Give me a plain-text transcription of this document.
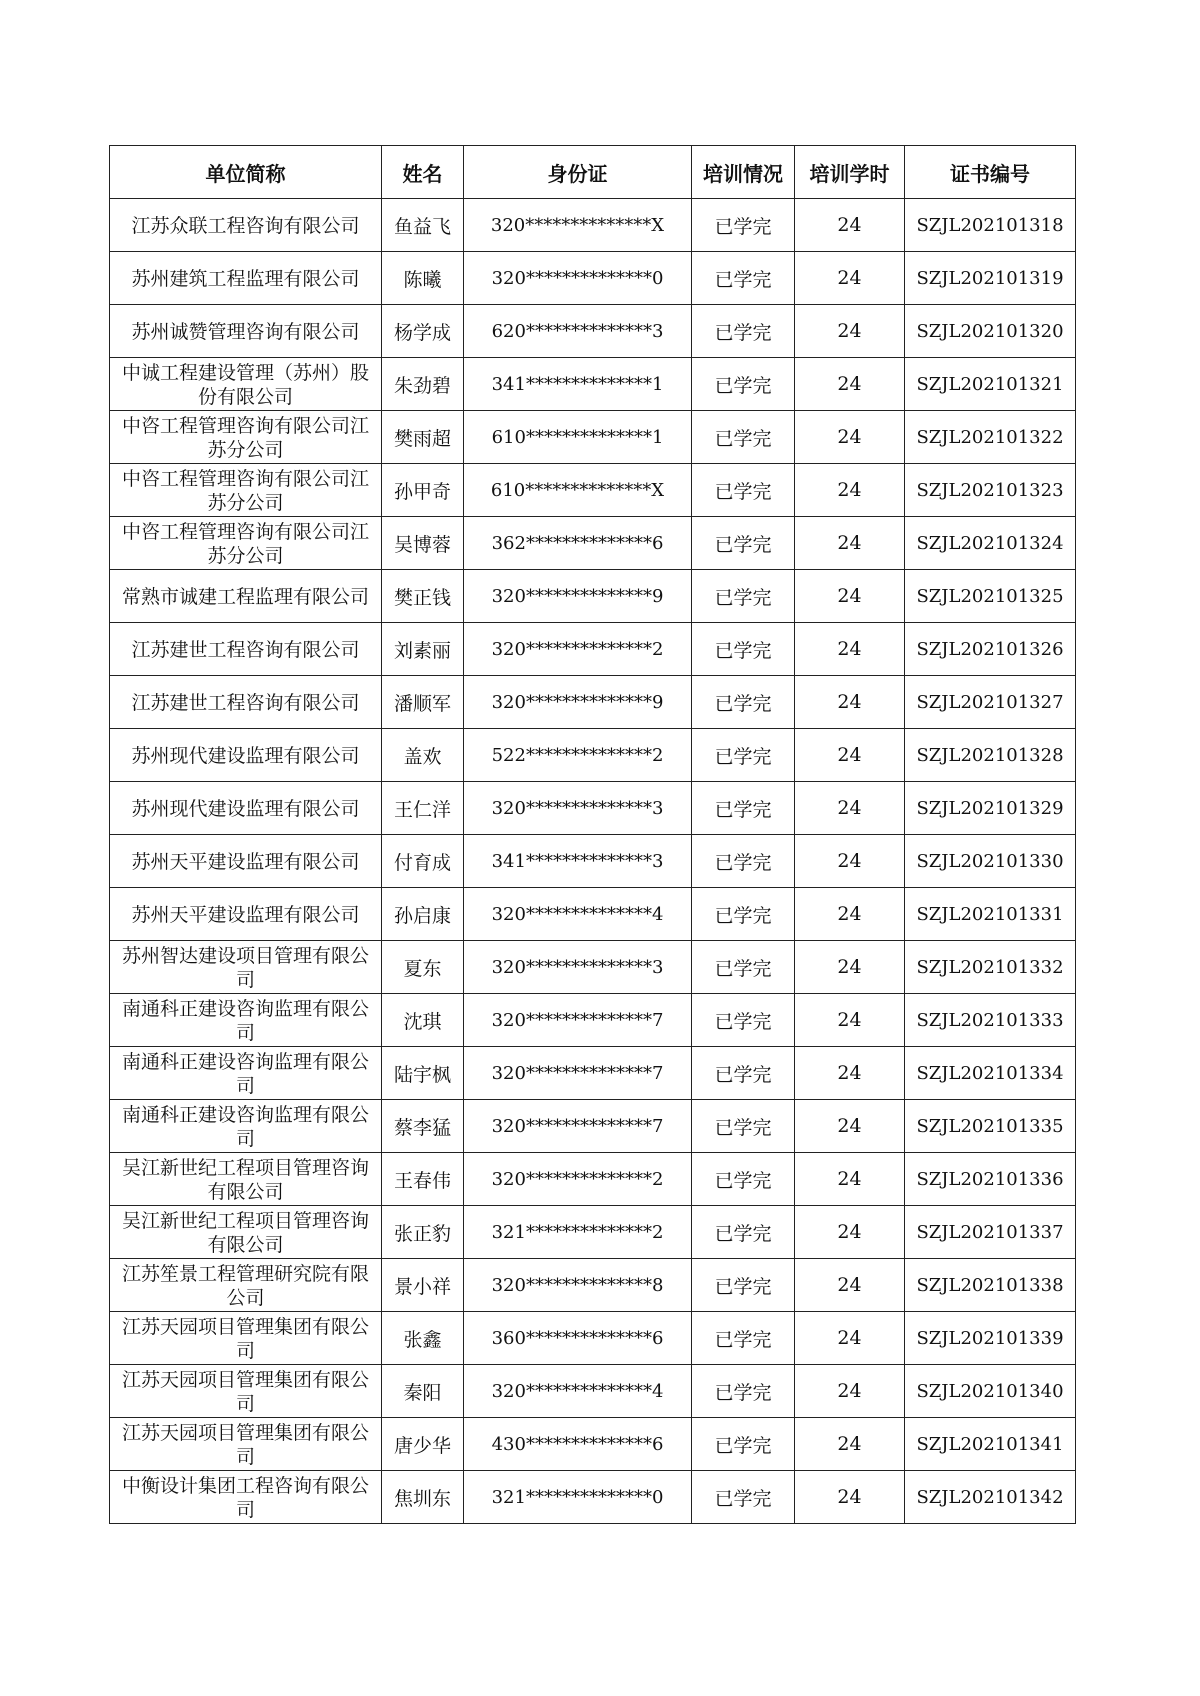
单位简称	姓名	身份证	培训情况	培训学时	证书编号
江苏众联工程咨询有限公司	鱼益飞	320**************X	已学完	24	SZJL202101318
苏州建筑工程监理有限公司	陈曦	320**************0	已学完	24	SZJL202101319
苏州诚赞管理咨询有限公司	杨学成	620**************3	已学完	24	SZJL202101320
中诚工程建设管理（苏州）股份有限公司	朱劲碧	341**************1	已学完	24	SZJL202101321
中咨工程管理咨询有限公司江苏分公司	樊雨超	610**************1	已学完	24	SZJL202101322
中咨工程管理咨询有限公司江苏分公司	孙甲奇	610**************X	已学完	24	SZJL202101323
中咨工程管理咨询有限公司江苏分公司	吴博蓉	362**************6	已学完	24	SZJL202101324
常熟市诚建工程监理有限公司	樊正钱	320**************9	已学完	24	SZJL202101325
江苏建世工程咨询有限公司	刘素丽	320**************2	已学完	24	SZJL202101326
江苏建世工程咨询有限公司	潘顺军	320**************9	已学完	24	SZJL202101327
苏州现代建设监理有限公司	盖欢	522**************2	已学完	24	SZJL202101328
苏州现代建设监理有限公司	王仁洋	320**************3	已学完	24	SZJL202101329
苏州天平建设监理有限公司	付育成	341**************3	已学完	24	SZJL202101330
苏州天平建设监理有限公司	孙启康	320**************4	已学完	24	SZJL202101331
苏州智达建设项目管理有限公司	夏东	320**************3	已学完	24	SZJL202101332
南通科正建设咨询监理有限公司	沈琪	320**************7	已学完	24	SZJL202101333
南通科正建设咨询监理有限公司	陆宇枫	320**************7	已学完	24	SZJL202101334
南通科正建设咨询监理有限公司	蔡李猛	320**************7	已学完	24	SZJL202101335
吴江新世纪工程项目管理咨询有限公司	王春伟	320**************2	已学完	24	SZJL202101336
吴江新世纪工程项目管理咨询有限公司	张正豹	321**************2	已学完	24	SZJL202101337
江苏笙景工程管理研究院有限公司	景小祥	320**************8	已学完	24	SZJL202101338
江苏天园项目管理集团有限公司	张鑫	360**************6	已学完	24	SZJL202101339
江苏天园项目管理集团有限公司	秦阳	320**************4	已学完	24	SZJL202101340
江苏天园项目管理集团有限公司	唐少华	430**************6	已学完	24	SZJL202101341
中衡设计集团工程咨询有限公司	焦圳东	321**************0	已学完	24	SZJL202101342
